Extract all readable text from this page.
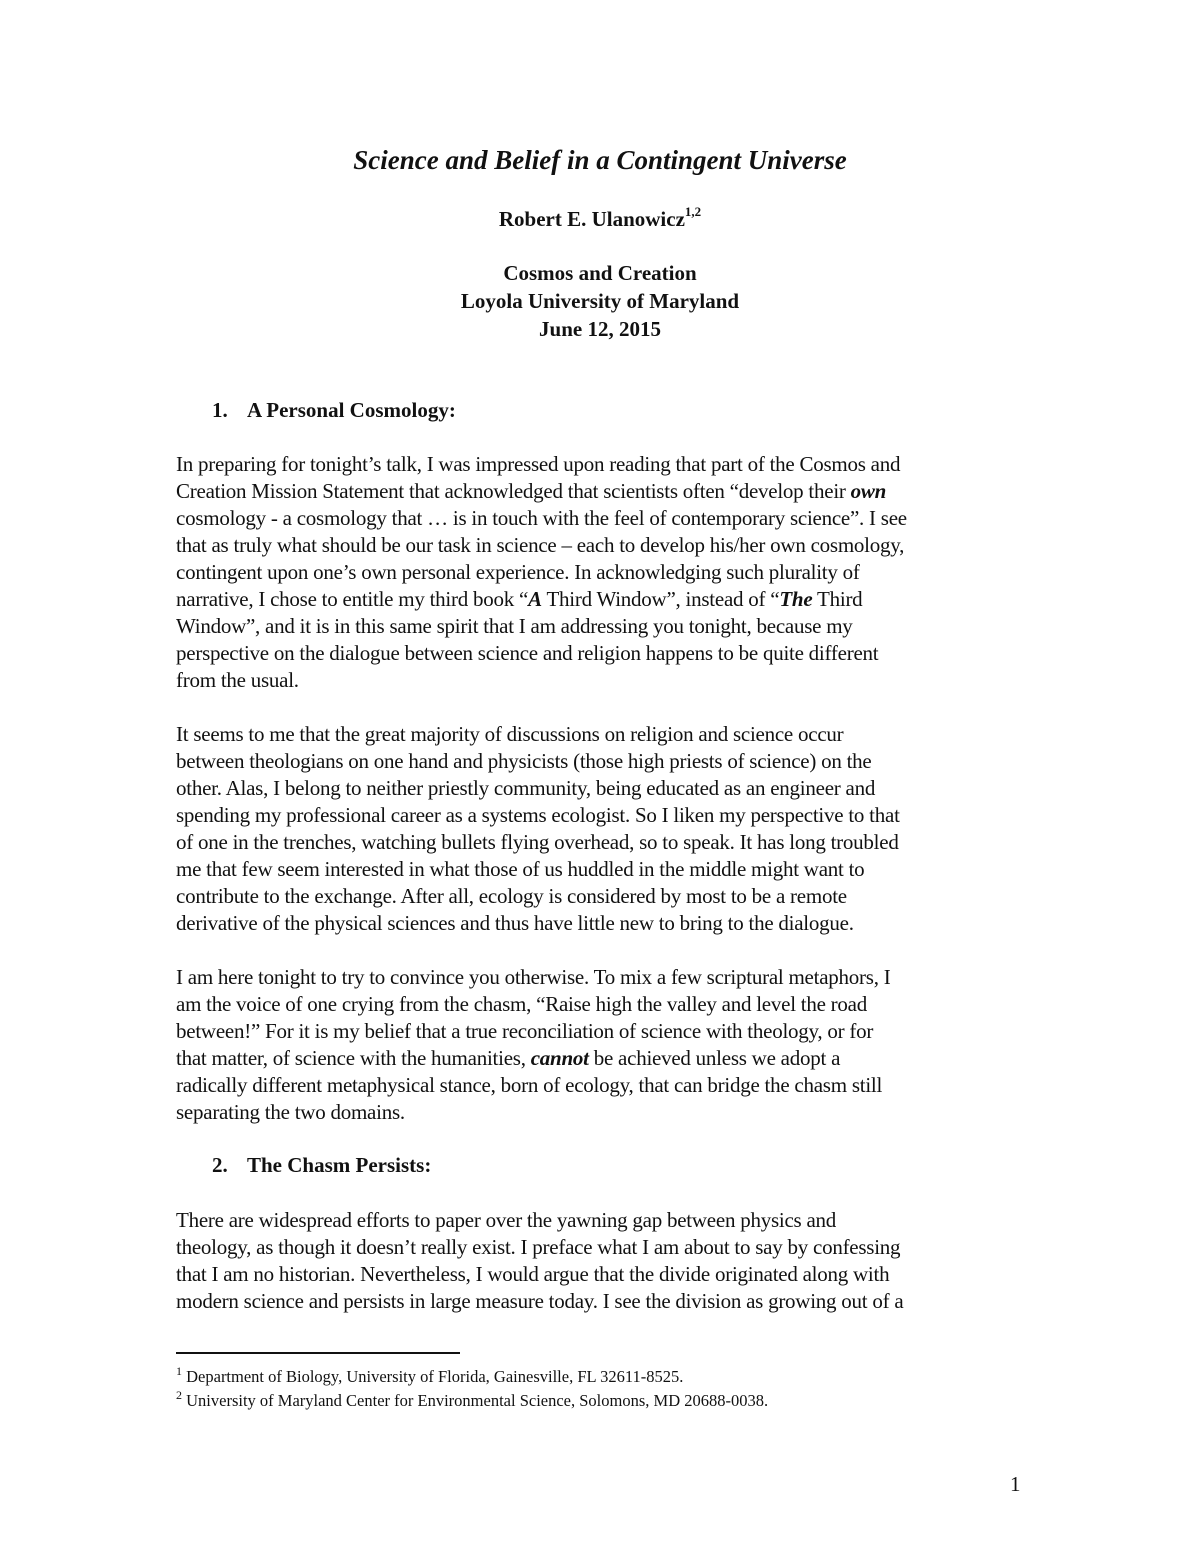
Science and Belief in a Contingent Universe
Robert E. Ulanowicz$^{1,2}$
Cosmos and Creation
Loyola University of Maryland
June 12, 2015
1. A Personal Cosmology:
In preparing for tonight’s talk, I was impressed upon reading that part of the Cosmos and
Creation Mission Statement that acknowledged that scientists often “develop their own
cosmology - a cosmology that … is in touch with the feel of contemporary science”. I see
that as truly what should be our task in science – each to develop his/her own cosmology,
contingent upon one’s own personal experience. In acknowledging such plurality of
narrative, I chose to entitle my third book “A Third Window”, instead of “The Third
Window”, and it is in this same spirit that I am addressing you tonight, because my
perspective on the dialogue between science and religion happens to be quite different
from the usual.
It seems to me that the great majority of discussions on religion and science occur
between theologians on one hand and physicists (those high priests of science) on the
other. Alas, I belong to neither priestly community, being educated as an engineer and
spending my professional career as a systems ecologist. So I liken my perspective to that
of one in the trenches, watching bullets flying overhead, so to speak. It has long troubled
me that few seem interested in what those of us huddled in the middle might want to
contribute to the exchange. After all, ecology is considered by most to be a remote
derivative of the physical sciences and thus have little new to bring to the dialogue.
I am here tonight to try to convince you otherwise. To mix a few scriptural metaphors, I
am the voice of one crying from the chasm, “Raise high the valley and level the road
between!” For it is my belief that a true reconciliation of science with theology, or for
that matter, of science with the humanities, cannot be achieved unless we adopt a
radically different metaphysical stance, born of ecology, that can bridge the chasm still
separating the two domains.
2. The Chasm Persists:
There are widespread efforts to paper over the yawning gap between physics and
theology, as though it doesn’t really exist. I preface what I am about to say by confessing
that I am no historian. Nevertheless, I would argue that the divide originated along with
modern science and persists in large measure today. I see the division as growing out of a
$^1$ Department of Biology, University of Florida, Gainesville, FL 32611-8525.
$^2$ University of Maryland Center for Environmental Science, Solomons, MD 20688-0038.
1
